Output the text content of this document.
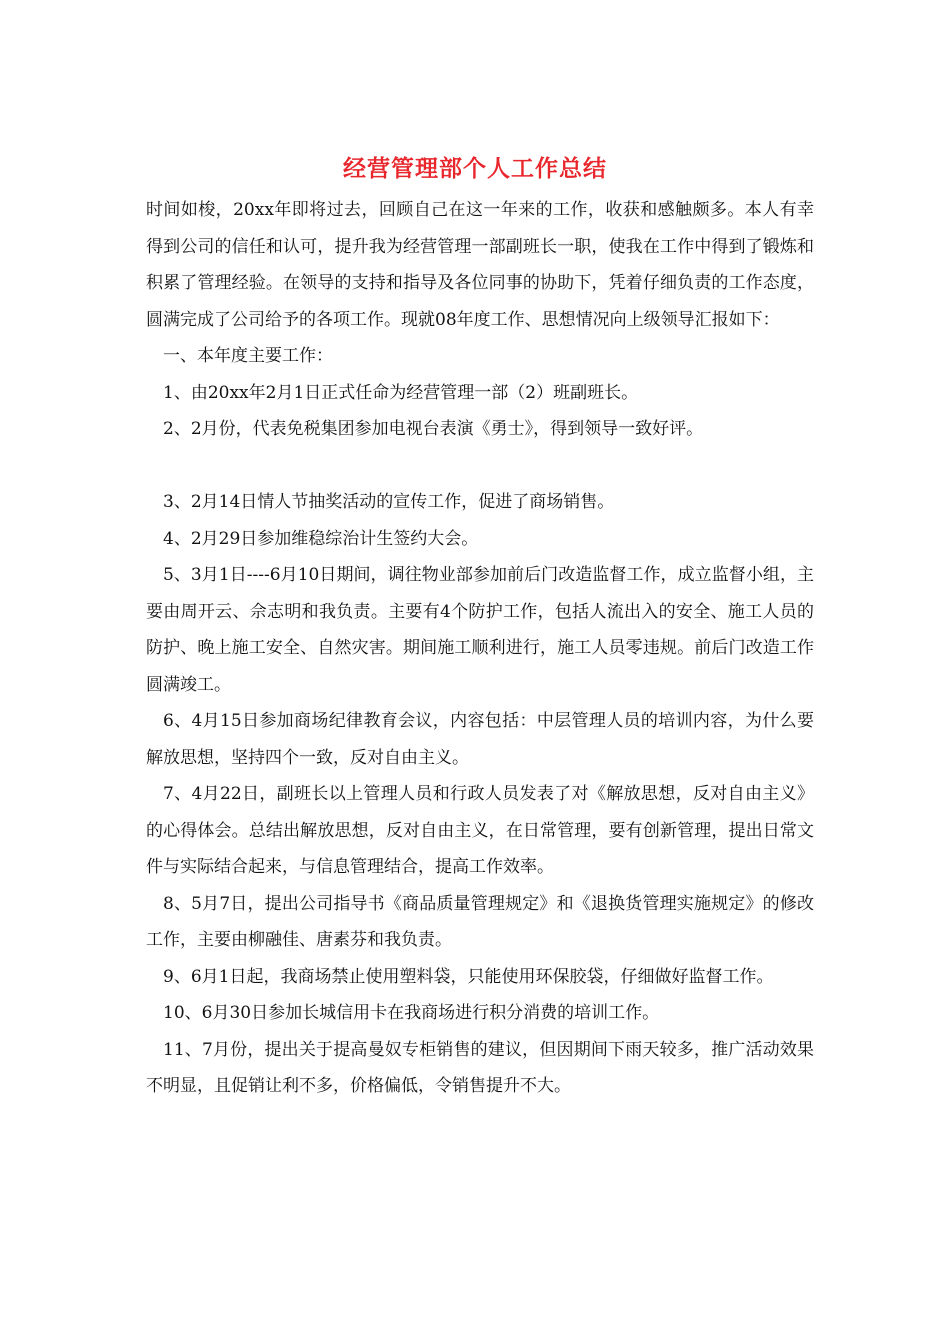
经营管理部个人工作总结

时间如梭，20xx年即将过去，回顾自己在这一年来的工作，收获和感触颇多。本人有幸得到公司的信任和认可，提升我为经营管理一部副班长一职，使我在工作中得到了锻炼和积累了管理经验。在领导的支持和指导及各位同事的协助下，凭着仔细负责的工作态度，圆满完成了公司给予的各项工作。现就08年度工作、思想情况向上级领导汇报如下：

一、本年度主要工作：

1、由20xx年2月1日正式任命为经营管理一部（2）班副班长。

2、2月份，代表免税集团参加电视台表演《勇士》，得到领导一致好评。

3、2月14日情人节抽奖活动的宣传工作，促进了商场销售。

4、2月29日参加维稳综治计生签约大会。

5、3月1日----6月10日期间，调往物业部参加前后门改造监督工作，成立监督小组，主要由周开云、佘志明和我负责。主要有4个防护工作，包括人流出入的安全、施工人员的防护、晚上施工安全、自然灾害。期间施工顺利进行，施工人员零违规。前后门改造工作圆满竣工。

6、4月15日参加商场纪律教育会议，内容包括：中层管理人员的培训内容，为什么要解放思想，坚持四个一致，反对自由主义。

7、4月22日，副班长以上管理人员和行政人员发表了对《解放思想，反对自由主义》的心得体会。总结出解放思想，反对自由主义，在日常管理，要有创新管理，提出日常文件与实际结合起来，与信息管理结合，提高工作效率。

8、5月7日，提出公司指导书《商品质量管理规定》和《退换货管理实施规定》的修改工作，主要由柳融佳、唐素芬和我负责。

9、6月1日起，我商场禁止使用塑料袋，只能使用环保胶袋，仔细做好监督工作。

10、6月30日参加长城信用卡在我商场进行积分消费的培训工作。

11、7月份，提出关于提高曼奴专柜销售的建议，但因期间下雨天较多，推广活动效果不明显，且促销让利不多，价格偏低，令销售提升不大。
